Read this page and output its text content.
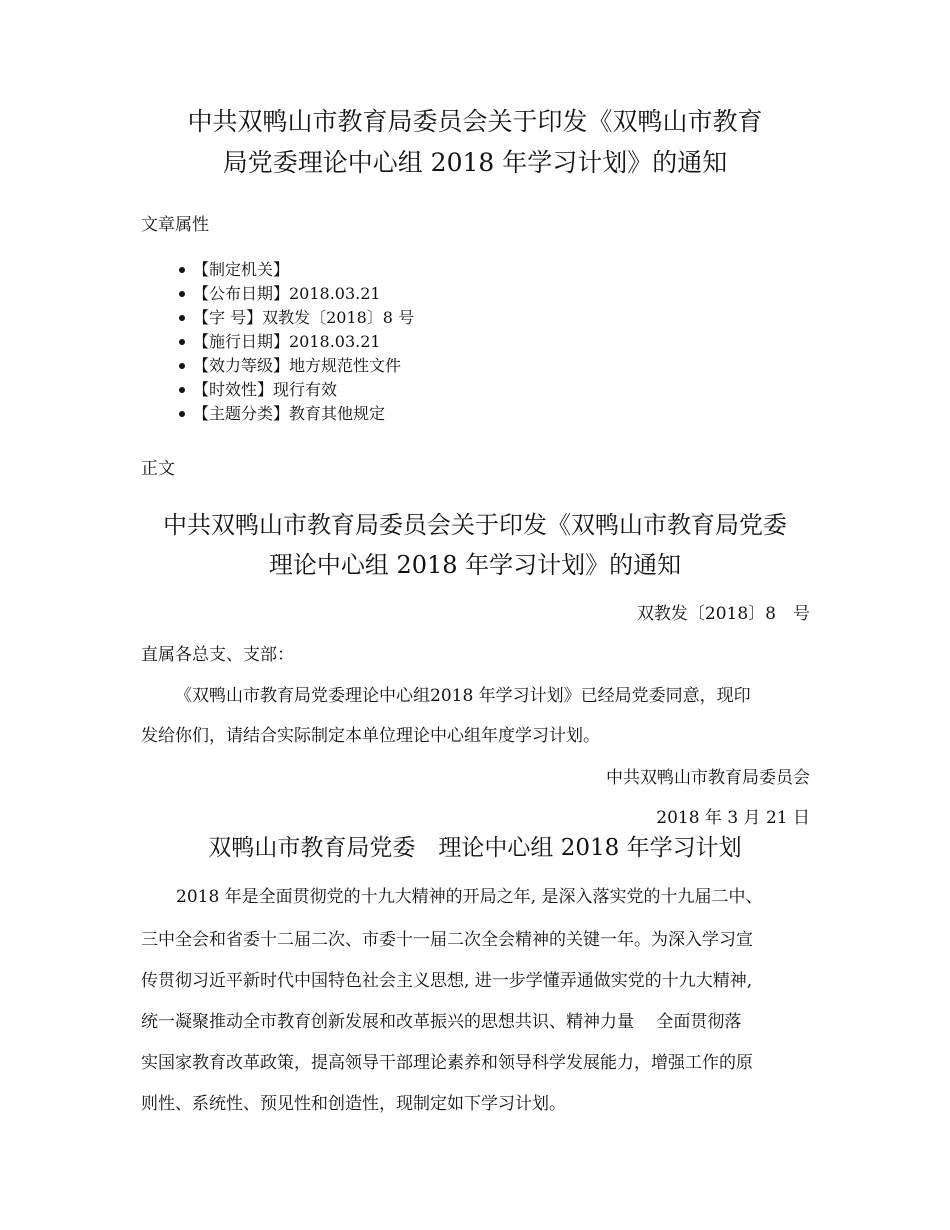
中共双鸭山市教育局委员会关于印发《双鸭山市教育
局党委理论中心组 2018 年学习计划》的通知
文章属性
【制定机关】
【公布日期】2018.03.21
【字 号】双教发〔2018〕8 号
【施行日期】2018.03.21
【效力等级】地方规范性文件
【时效性】现行有效
【主题分类】教育其他规定
正文
中共双鸭山市教育局委员会关于印发《双鸭山市教育局党委
理论中心组 2018 年学习计划》的通知
双教发〔2018〕8　号
直属各总支、支部：
《双鸭山市教育局党委理论中心组2018 年学习计划》已经局党委同意，现印
发给你们，请结合实际制定本单位理论中心组年度学习计划。
中共双鸭山市教育局委员会
2018 年 3 月 21 日
双鸭山市教育局党委　理论中心组 2018 年学习计划
2018 年是全面贯彻党的十九大精神的开局之年, 是深入落实党的十九届二中、
三中全会和省委十二届二次、市委十一届二次全会精神的关键一年。为深入学习宣
传贯彻习近平新时代中国特色社会主义思想, 进一步学懂弄通做实党的十九大精神,
统一凝聚推动全市教育创新发展和改革振兴的思想共识、精神力量　 全面贯彻落
实国家教育改革政策，提高领导干部理论素养和领导科学发展能力，增强工作的原
则性、系统性、预见性和创造性，现制定如下学习计划。
